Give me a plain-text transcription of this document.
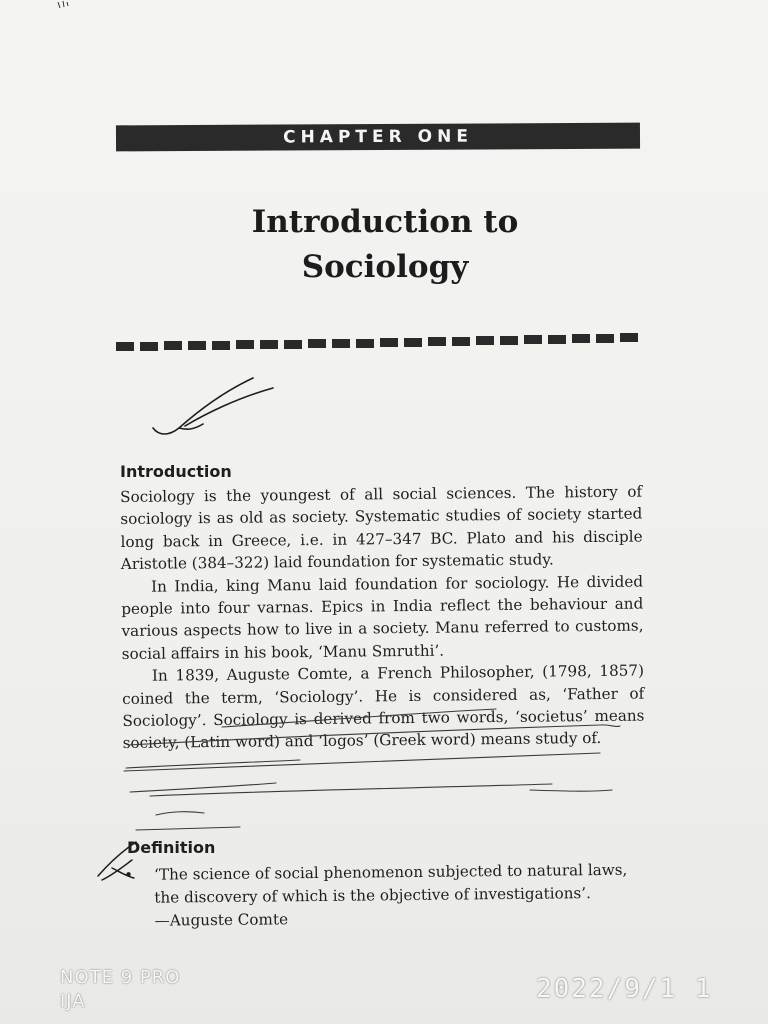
CHAPTER ONE
Introduction to
Sociology
Introduction

Sociology is the youngest of all social sciences. The history of sociology is as old as society. Systematic studies of society started long back in Greece, i.e. in 427–347 BC. Plato and his disciple Aristotle (384–322) laid foundation for systematic study.

In India, king Manu laid foundation for sociology. He divided people into four varnas. Epics in India reflect the behaviour and various aspects how to live in a society. Manu referred to customs, social affairs in his book, ‘Manu Smruthi’.

In 1839, Auguste Comte, a French Philosopher, (1798, 1857) coined the term, ‘Sociology’. He is considered as, ‘Father of Sociology’. Sociology is derived from two words, ‘societus’ means society, (Latin word) and ‘logos’ (Greek word) means study of.

Definition
• ‘The science of social phenomenon subjected to natural laws, the discovery of which is the objective of investigations’.
—Auguste Comte
NOTE 9 PRO
IJA	2022/9/1 1
